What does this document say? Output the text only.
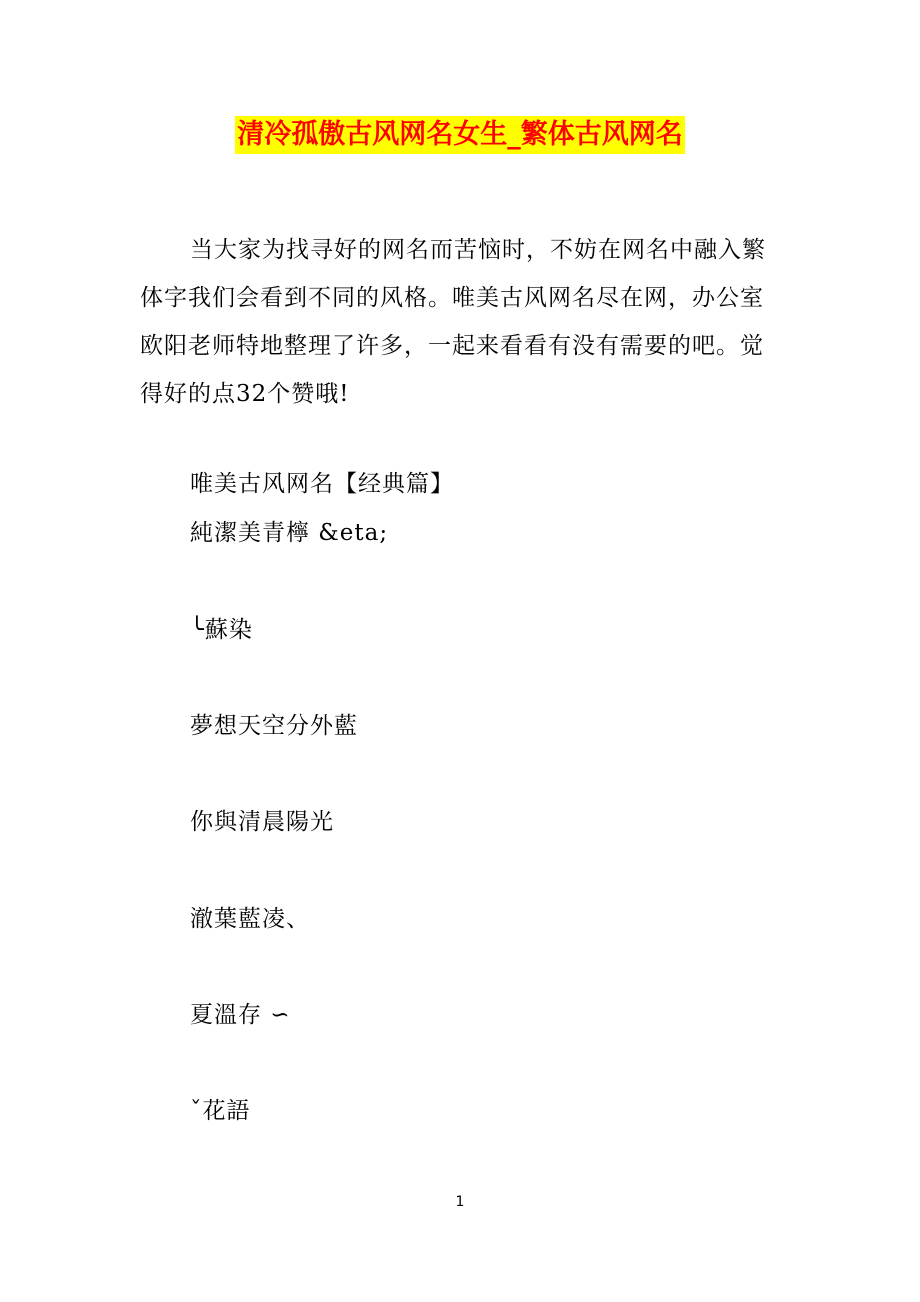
清冷孤傲古风网名女生_繁体古风网名

当大家为找寻好的网名而苦恼时，不妨在网名中融入繁体字我们会看到不同的风格。唯美古风网名尽在网，办公室欧阳老师特地整理了许多，一起来看看有没有需要的吧。觉得好的点32个赞哦!

唯美古风网名【经典篇】
純潔美青檸 &eta;
╰蘇染
夢想天空分外藍
你與清晨陽光
澈葉藍凌、
夏溫存 ∽
ˇ花語
1
